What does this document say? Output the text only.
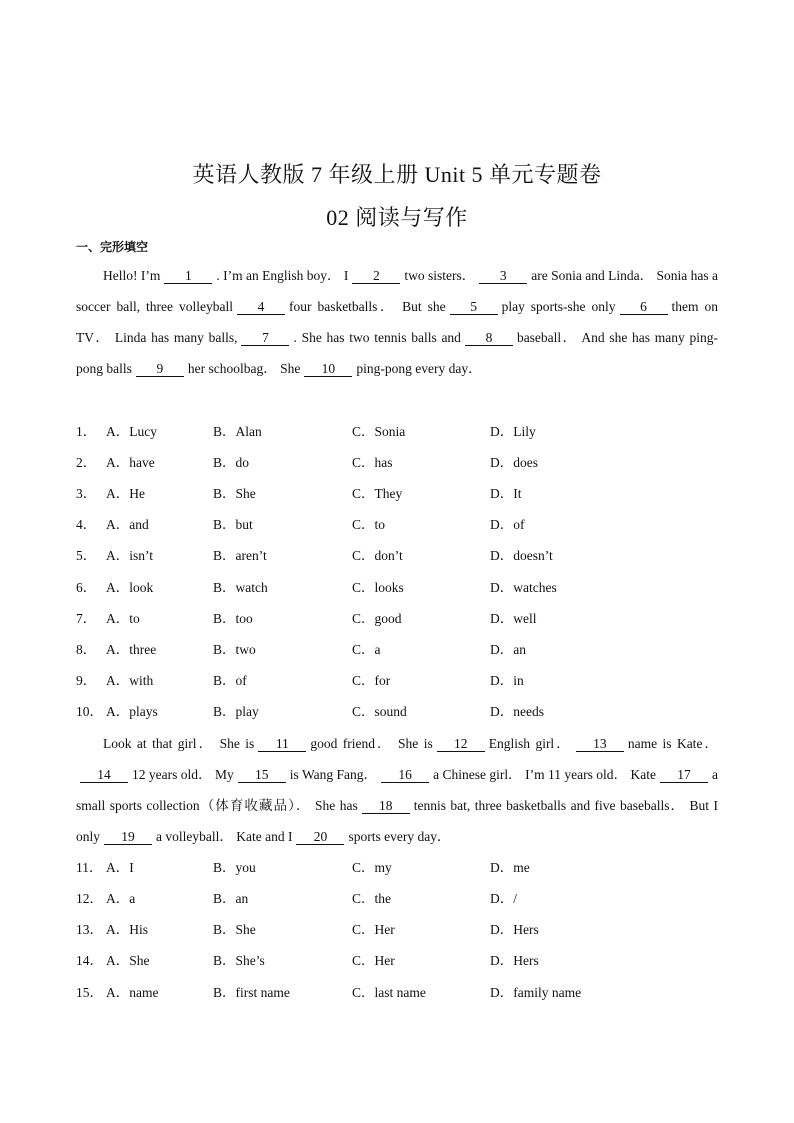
英语人教版 7 年级上册 Unit 5 单元专题卷
02 阅读与写作
一、完形填空
Hello! I’m 1 . I’m an English boy． I 2 two sisters． 3 are Sonia and Linda． Sonia has a soccer ball, three volleyball 4 four basketballs． But she 5 play sports-she only 6 them on TV． Linda has many balls, 7 . She has two tennis balls and 8 baseball． And she has many ping-pong balls 9 her schoolbag． She 10 ping-pong every day．
1． A．Lucy	B．Alan	C．Sonia	D．Lily
2． A．have	B．do	C．has	D．does
3． A．He	B．She	C．They	D．It
4． A．and	B．but	C．to	D．of
5． A．isn’t	B．aren’t	C．don’t	D．doesn’t
6． A．look	B．watch	C．looks	D．watches
7． A．to	B．too	C．good	D．well
8． A．three	B．two	C．a	D．an
9． A．with	B．of	C．for	D．in
10． A．plays	B．play	C．sound	D．needs
Look at that girl． She is 11 good friend． She is 12 English girl． 13 name is Kate．14 12 years old． My 15 is Wang Fang． 16 a Chinese girl． I’m 11 years old． Kate 17 a small sports collection（体育收藏品）． She has 18 tennis bat, three basketballs and five baseballs． But I only 19 a volleyball． Kate and I 20 sports every day．
11． A．I	B．you	C．my	D．me
12． A．a	B．an	C．the	D．/
13． A．His	B．She	C．Her	D．Hers
14． A．She	B．She’s	C．Her	D．Hers
15． A．name	B．first name	C．last name	D．family name
